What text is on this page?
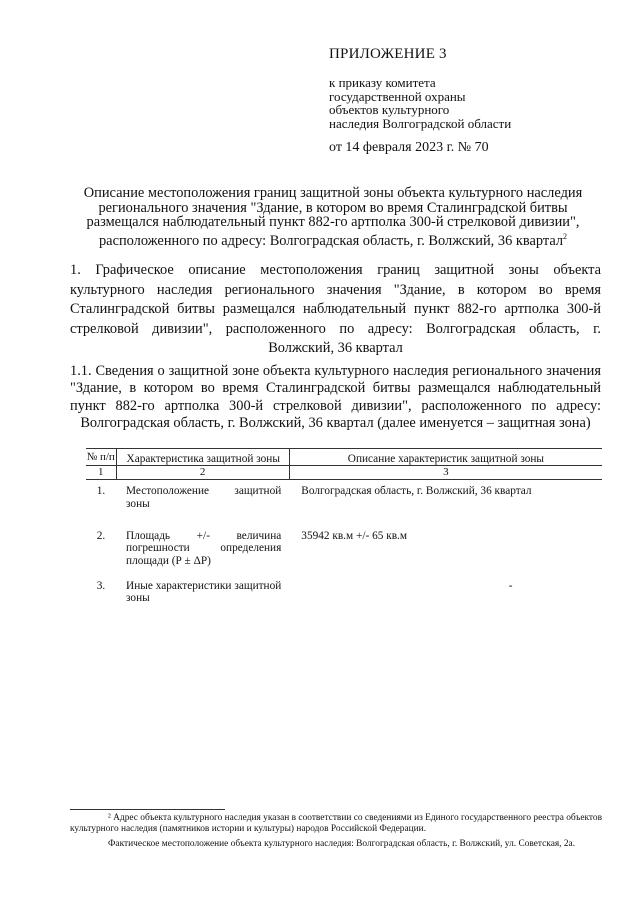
ПРИЛОЖЕНИЕ 3
к приказу комитета
государственной охраны
объектов культурного
наследия Волгоградской области
от 14 февраля 2023 г. № 70
Описание местоположения границ защитной зоны объекта культурного наследия регионального значения "Здание, в котором во время Сталинградской битвы размещался наблюдательный пункт 882-го артполка 300-й стрелковой дивизии", расположенного по адресу: Волгоградская область, г. Волжский, 36 квартал$^2$
1. Графическое описание местоположения границ защитной зоны объекта культурного наследия регионального значения "Здание, в котором во время Сталинградской битвы размещался наблюдательный пункт 882-го артполка 300-й стрелковой дивизии", расположенного по адресу: Волгоградская область, г. Волжский, 36 квартал
1.1. Сведения о защитной зоне объекта культурного наследия регионального значения "Здание, в котором во время Сталинградской битвы размещался наблюдательный пункт 882-го артполка 300-й стрелковой дивизии", расположенного по адресу: Волгоградская область, г. Волжский, 36 квартал (далее именуется – защитная зона)
№ п/п	Характеристика защитной зоны	Описание характеристик защитной зоны
1	2	3
1.	Местоположение защитной зоны	Волгоградская область, г. Волжский, 36 квартал
2.	Площадь +/- величина погрешности определения площади (Р ± ΔР)	35942 кв.м +/- 65 кв.м
3.	Иные характеристики защитной зоны	-

² Адрес объекта культурного наследия указан в соответствии со сведениями из Единого государственного реестра объектов культурного наследия (памятников истории и культуры) народов Российской Федерации.

Фактическое местоположение объекта культурного наследия: Волгоградская область, г. Волжский, ул. Советская, 2а.
